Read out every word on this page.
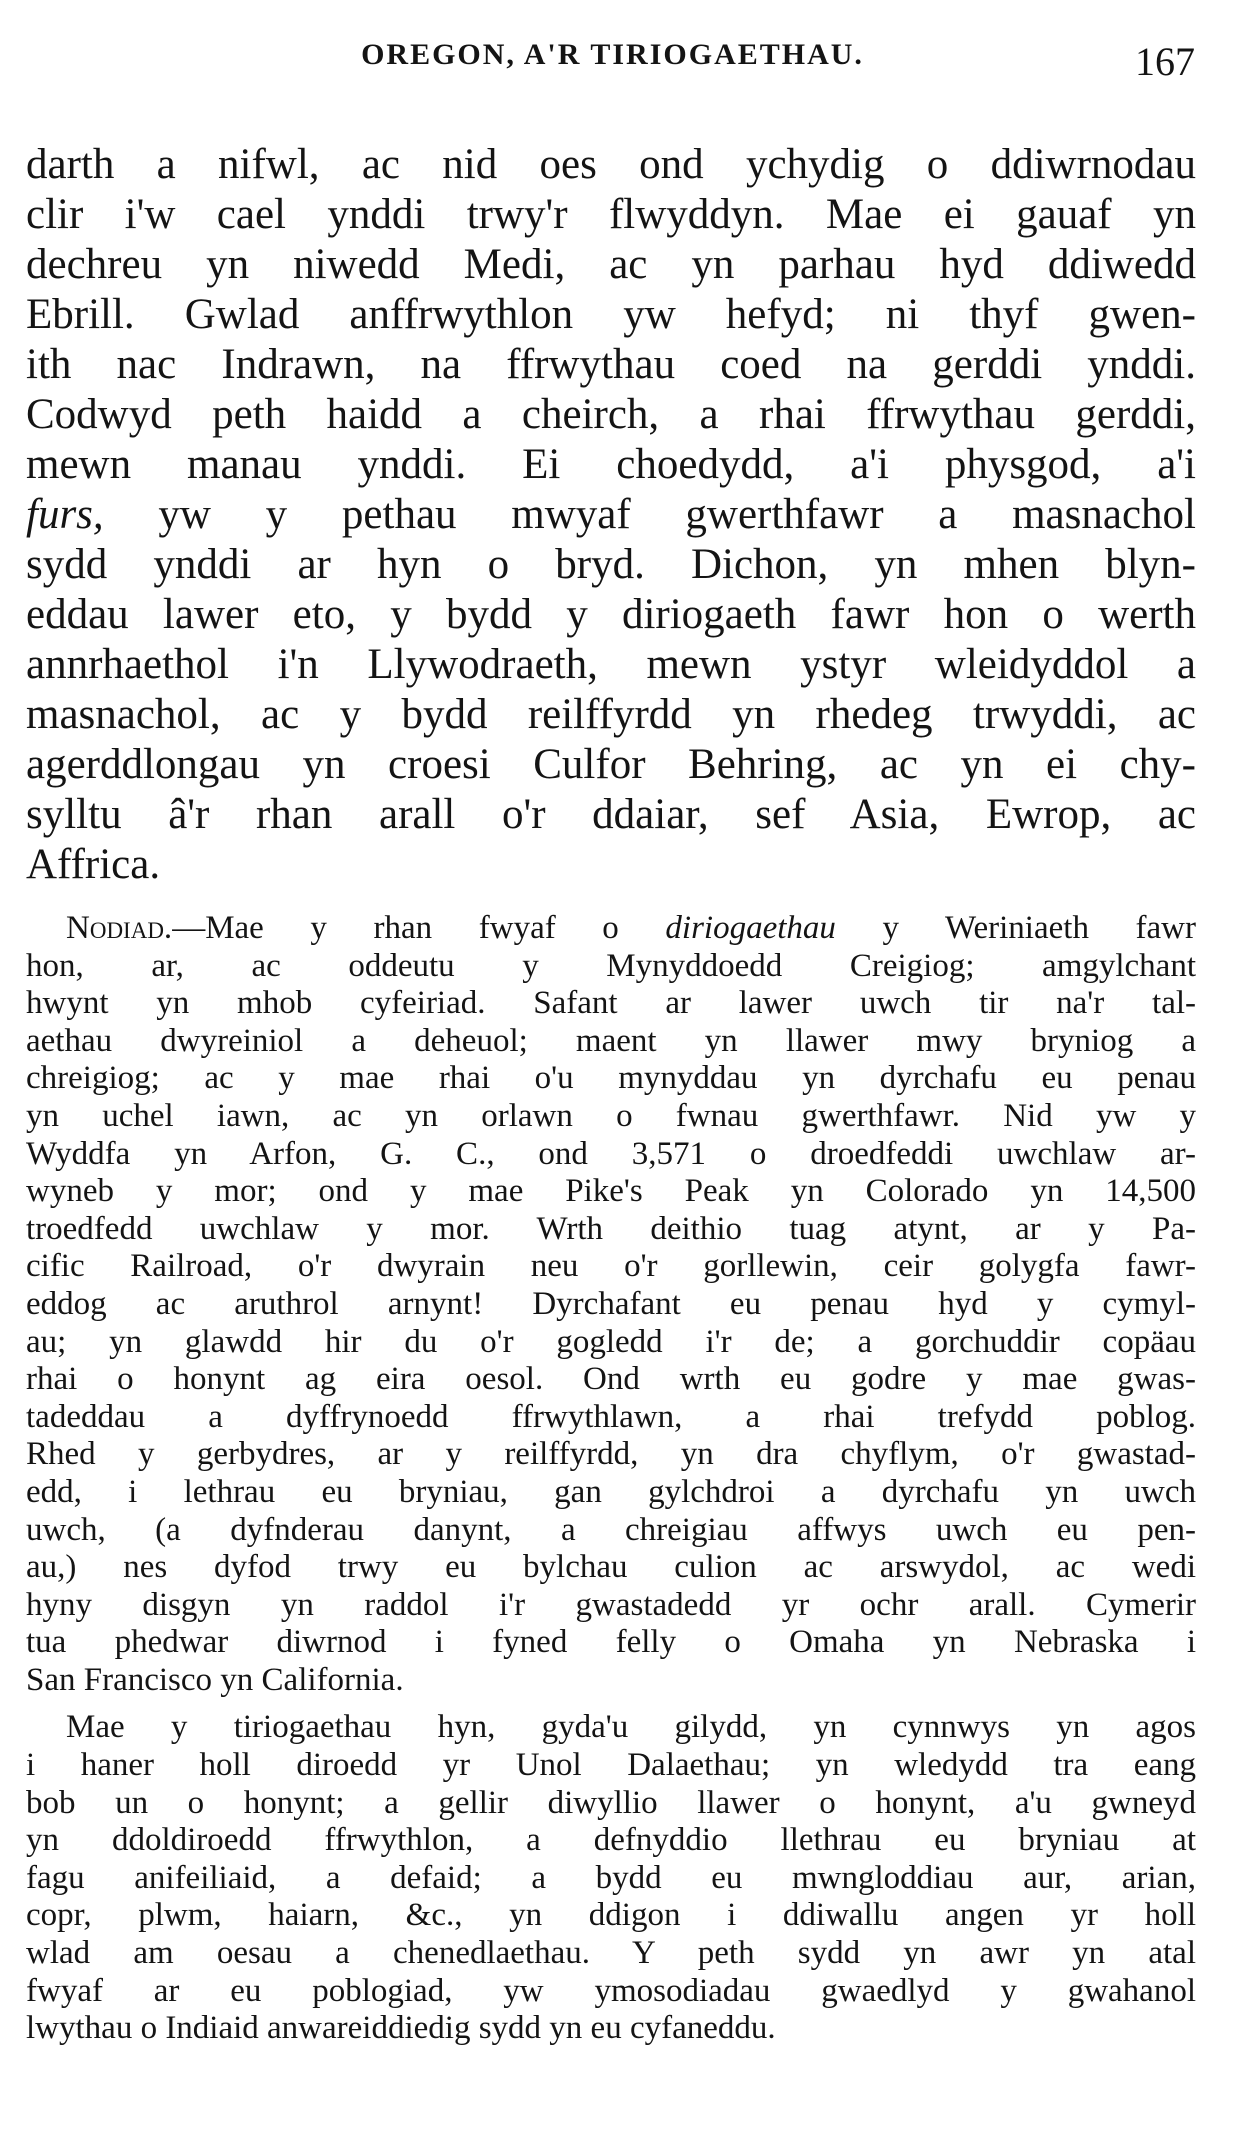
OREGON, A'R TIRIOGAETHAU.	167
darth a nifwl, ac nid oes ond ychydig o ddiwrnodau
clir i'w cael ynddi trwy'r flwyddyn. Mae ei gauaf yn
dechreu yn niwedd Medi, ac yn parhau hyd ddiwedd
Ebrill. Gwlad anffrwythlon yw hefyd; ni thyf gwen-
ith nac Indrawn, na ffrwythau coed na gerddi ynddi.
Codwyd peth haidd a cheirch, a rhai ffrwythau gerddi,
mewn manau ynddi. Ei choedydd, a'i physgod, a'i
furs, yw y pethau mwyaf gwerthfawr a masnachol
sydd ynddi ar hyn o bryd. Dichon, yn mhen blyn-
eddau lawer eto, y bydd y diriogaeth fawr hon o werth
annrhaethol i'n Llywodraeth, mewn ystyr wleidyddol a
masnachol, ac y bydd reilffyrdd yn rhedeg trwyddi, ac
agerddlongau yn croesi Culfor Behring, ac yn ei chy-
sylltu â'r rhan arall o'r ddaiar, sef Asia, Ewrop, ac
Affrica.
Nodiad.—Mae y rhan fwyaf o diriogaethau y Weriniaeth fawr
hon, ar, ac oddeutu y Mynyddoedd Creigiog; amgylchant
hwynt yn mhob cyfeiriad. Safant ar lawer uwch tir na'r tal-
aethau dwyreiniol a deheuol; maent yn llawer mwy bryniog a
chreigiog; ac y mae rhai o'u mynyddau yn dyrchafu eu penau
yn uchel iawn, ac yn orlawn o fwnau gwerthfawr. Nid yw y
Wyddfa yn Arfon, G. C., ond 3,571 o droedfeddi uwchlaw ar-
wyneb y mor; ond y mae Pike's Peak yn Colorado yn 14,500
troedfedd uwchlaw y mor. Wrth deithio tuag atynt, ar y Pa-
cific Railroad, o'r dwyrain neu o'r gorllewin, ceir golygfa fawr-
eddog ac aruthrol arnynt! Dyrchafant eu penau hyd y cymyl-
au; yn glawdd hir du o'r gogledd i'r de; a gorchuddir copäau
rhai o honynt ag eira oesol. Ond wrth eu godre y mae gwas-
tadeddau a dyffrynoedd ffrwythlawn, a rhai trefydd poblog.
Rhed y gerbydres, ar y reilffyrdd, yn dra chyflym, o'r gwastad-
edd, i lethrau eu bryniau, gan gylchdroi a dyrchafu yn uwch
uwch, (a dyfnderau danynt, a chreigiau affwys uwch eu pen-
au,) nes dyfod trwy eu bylchau culion ac arswydol, ac wedi
hyny disgyn yn raddol i'r gwastadedd yr ochr arall. Cymerir
tua phedwar diwrnod i fyned felly o Omaha yn Nebraska i
San Francisco yn California.
Mae y tiriogaethau hyn, gyda'u gilydd, yn cynnwys yn agos
i haner holl diroedd yr Unol Dalaethau; yn wledydd tra eang
bob un o honynt; a gellir diwyllio llawer o honynt, a'u gwneyd
yn ddoldiroedd ffrwythlon, a defnyddio llethrau eu bryniau at
fagu anifeiliaid, a defaid; a bydd eu mwngloddiau aur, arian,
copr, plwm, haiarn, &c., yn ddigon i ddiwallu angen yr holl
wlad am oesau a chenedlaethau. Y peth sydd yn awr yn atal
fwyaf ar eu poblogiad, yw ymosodiadau gwaedlyd y gwahanol
lwythau o Indiaid anwareiddiedig sydd yn eu cyfaneddu.
